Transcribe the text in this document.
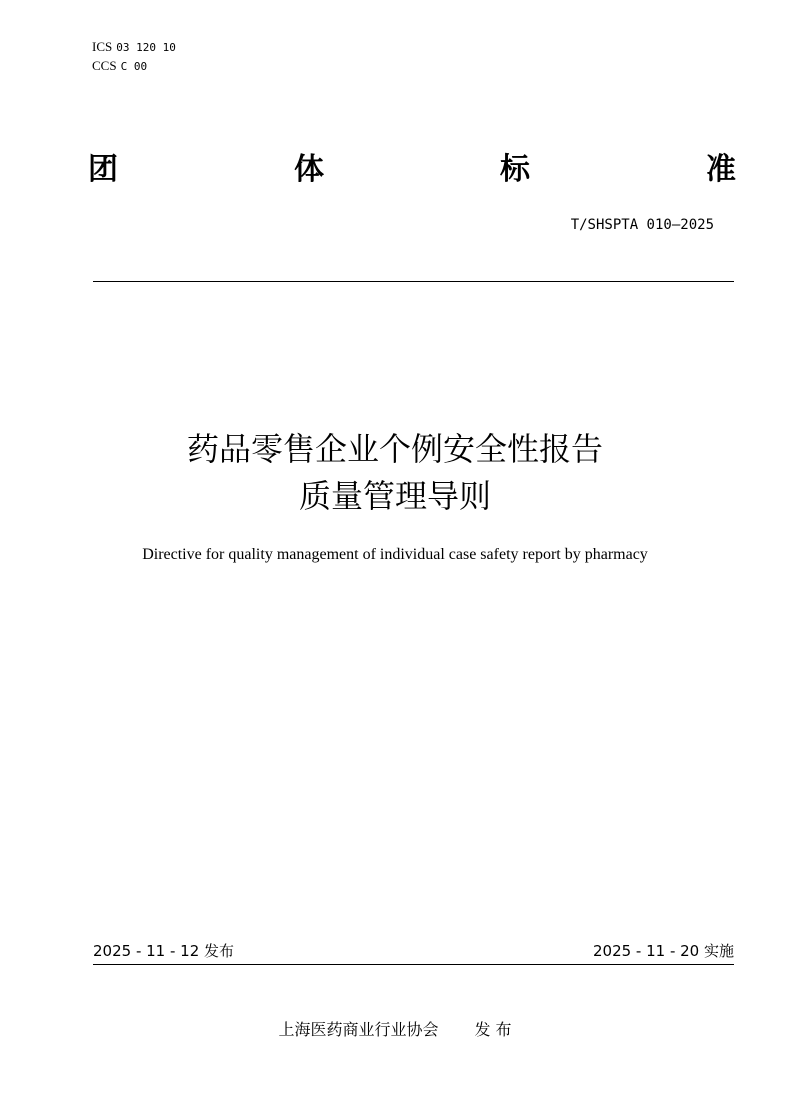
ICS 03 120 10
CCS C 00
团	体	标	准
T/SHSPTA 010—2025
药品零售企业个例安全性报告
质量管理导则
Directive for quality management of individual case safety report by pharmacy
2025 - 11 - 12 发布	2025 - 11 - 20 实施
上海医药商业行业协会 发 布
